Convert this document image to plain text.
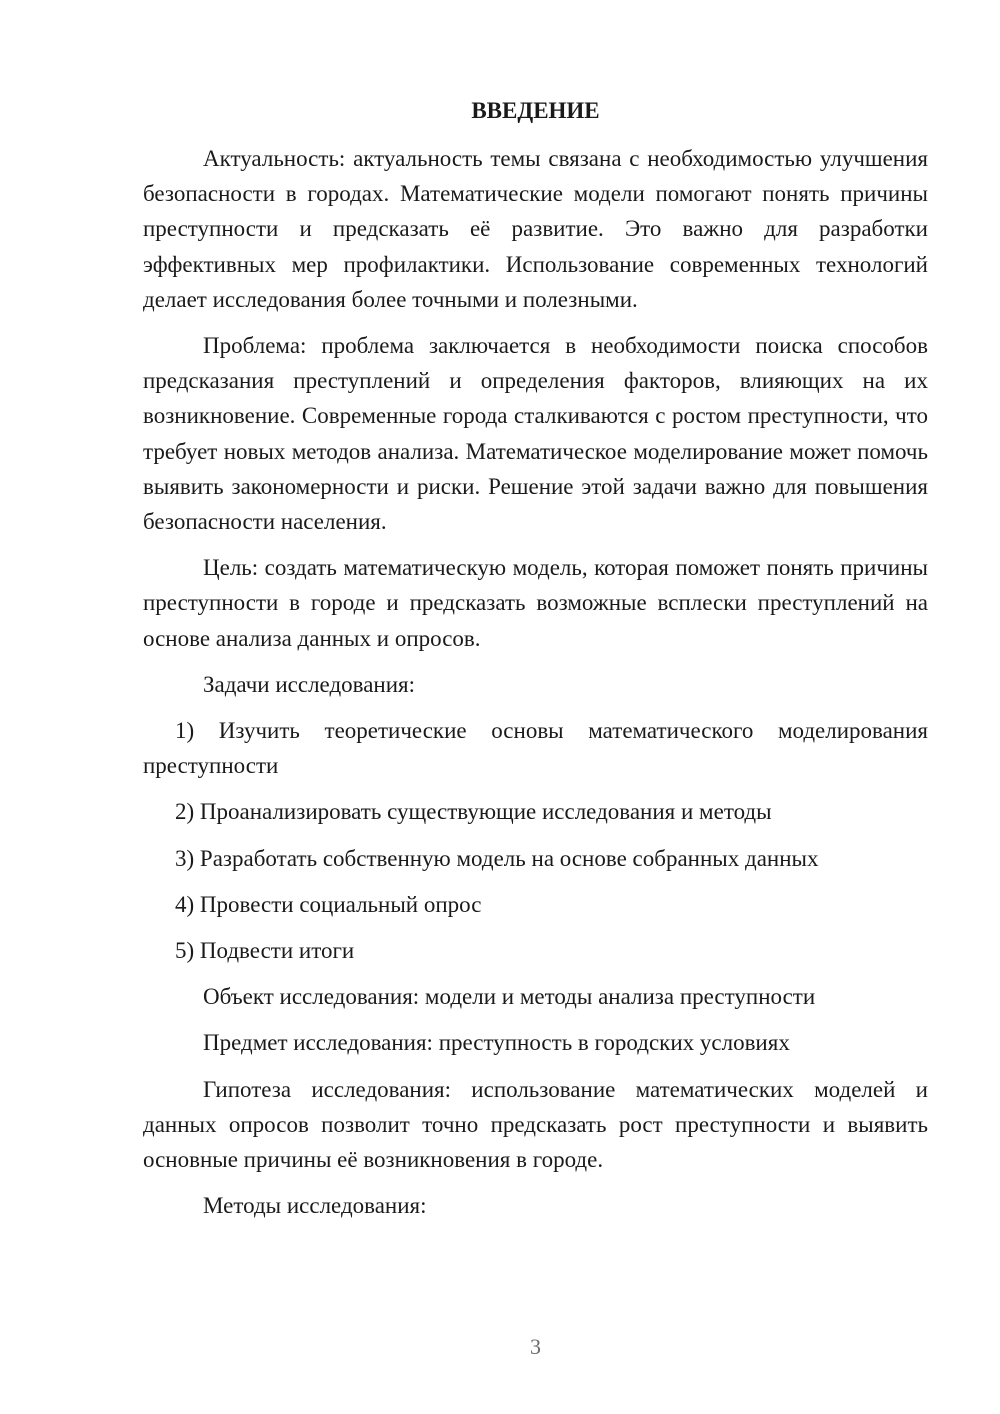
ВВЕДЕНИЕ

Актуальность: актуальность темы связана с необходимостью улучшения безопасности в городах. Математические модели помогают понять причины преступности и предсказать её развитие. Это важно для разработки эффективных мер профилактики. Использование современных технологий делает исследования более точными и полезными.

Проблема: проблема заключается в необходимости поиска способов предсказания преступлений и определения факторов, влияющих на их возникновение. Современные города сталкиваются с ростом преступности, что требует новых методов анализа. Математическое моделирование может помочь выявить закономерности и риски. Решение этой задачи важно для повышения безопасности населения.

Цель: создать математическую модель, которая поможет понять причины преступности в городе и предсказать возможные всплески преступлений на основе анализа данных и опросов.

Задачи исследования:

1) Изучить теоретические основы математического моделирования преступности

2) Проанализировать существующие исследования и методы

3) Разработать собственную модель на основе собранных данных

4) Провести социальный опрос

5) Подвести итоги

Объект исследования: модели и методы анализа преступности

Предмет исследования: преступность в городских условиях

Гипотеза исследования: использование математических моделей и данных опросов позволит точно предсказать рост преступности и выявить основные причины её возникновения в городе.

Методы исследования:

3
